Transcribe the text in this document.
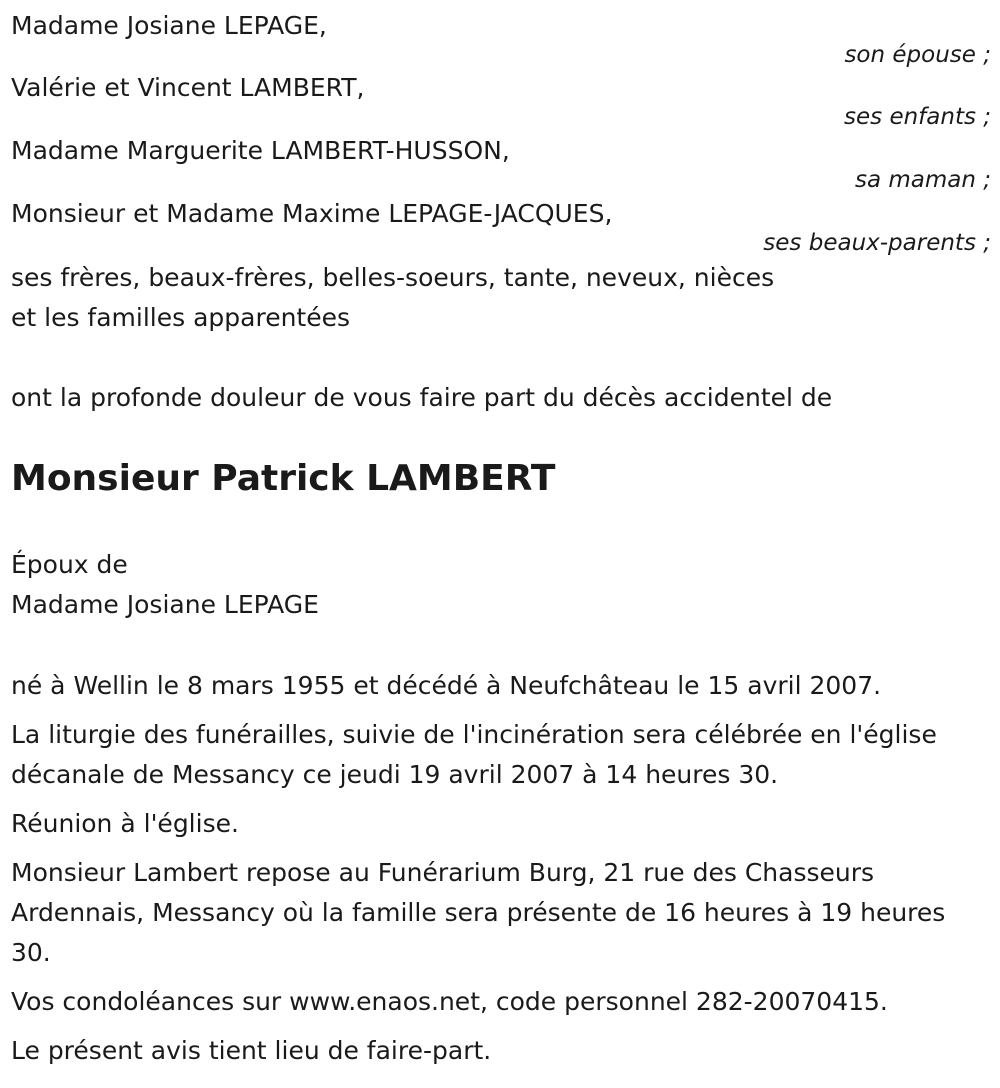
Madame Josiane LEPAGE,
son épouse ;
Valérie et Vincent LAMBERT,
ses enfants ;
Madame Marguerite LAMBERT-HUSSON,
sa maman ;
Monsieur et Madame Maxime LEPAGE-JACQUES,
ses beaux-parents ;
ses frères, beaux-frères, belles-soeurs, tante, neveux, nièces
et les familles apparentées
ont la profonde douleur de vous faire part du décès accidentel de
Monsieur Patrick LAMBERT
Époux de
Madame Josiane LEPAGE
né à Wellin le 8 mars 1955 et décédé à Neufchâteau le 15 avril 2007.
La liturgie des funérailles, suivie de l'incinération sera célébrée en l'église décanale de Messancy ce jeudi 19 avril 2007 à 14 heures 30.
Réunion à l'église.
Monsieur Lambert repose au Funérarium Burg, 21 rue des Chasseurs Ardennais, Messancy où la famille sera présente de 16 heures à 19 heures 30.
Vos condoléances sur www.enaos.net, code personnel 282-20070415.
Le présent avis tient lieu de faire-part.
